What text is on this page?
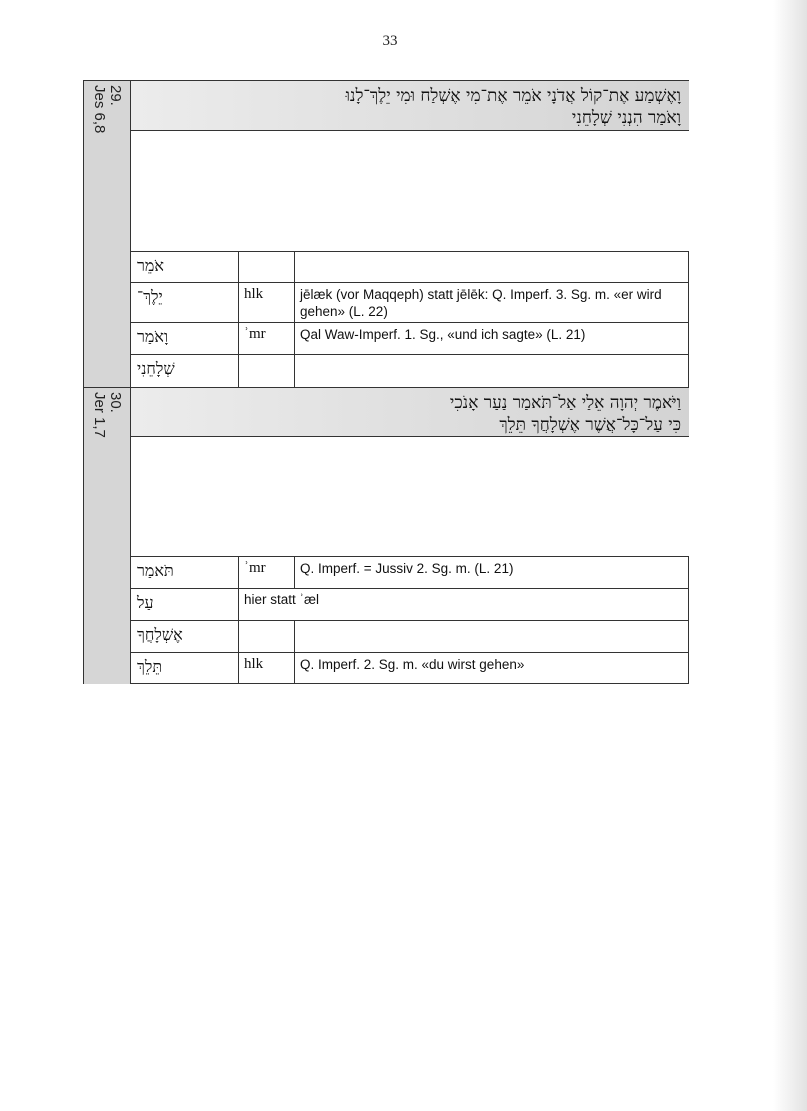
33
29.
Jes 6,8	וָאֶשְׁמַע אֶת־קוֹל אֲדֹנָי אֹמֵר אֶת־מִי אֶשְׁלַח וּמִי יֵלֶךְ־לָנוּ
וָאֹמַר הִנְנִי שְׁלָחֵנִי
אֹמֵר
יֵלֶךְ־	hlk	jēlæk (vor Maqqeph) statt jēlēk: Q. Imperf. 3. Sg. m. «er wird gehen» (L. 22)
וָאֹמַר	ʾmr	Qal Waw-Imperf. 1. Sg., «und ich sagte» (L. 21)
שְׁלָחֵנִי
30.
Jer 1,7	וַיֹּאמֶר יְהוָה אֵלַי אַל־תֹּאמַר נַעַר אָנֹכִי
כִּי עַל־כָּל־אֲשֶׁר אֶשְׁלָחֲךָ תֵּלֵךְ
תֹּאמַר	ʾmr	Q. Imperf. = Jussiv 2. Sg. m. (L. 21)
עַל	hier statt ʾæl
אֶשְׁלָחֲךָ
תֵּלֵךְ	hlk	Q. Imperf. 2. Sg. m. «du wirst gehen»
